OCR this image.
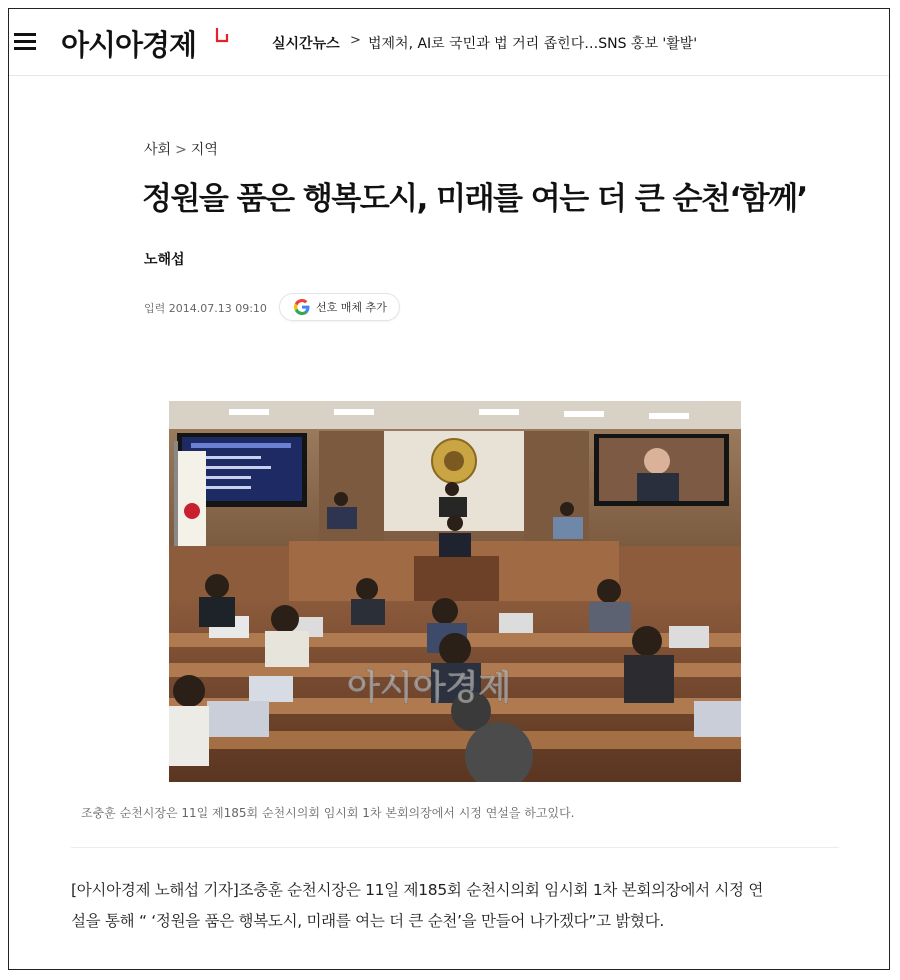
아시아경제	실시간뉴스 > 법제처, AI로 국민과 법 거리 좁힌다…SNS 홍보 '활발'
사회 > 지역
정원을 품은 행복도시, 미래를 여는 더 큰 순천‘함께’
노해섭
입력 2014.07.13 09:10	선호 매체 추가
아시아경제
조충훈 순천시장은 11일 제185회 순천시의회 임시회 1차 본회의장에서 시정 연설을 하고있다.

[아시아경제 노해섭 기자]조충훈 순천시장은 11일 제185회 순천시의회 임시회 1차 본회의장에서 시정 연
설을 통해 “ ‘정원을 품은 행복도시, 미래를 여는 더 큰 순천’을 만들어 나가겠다”고 밝혔다.
